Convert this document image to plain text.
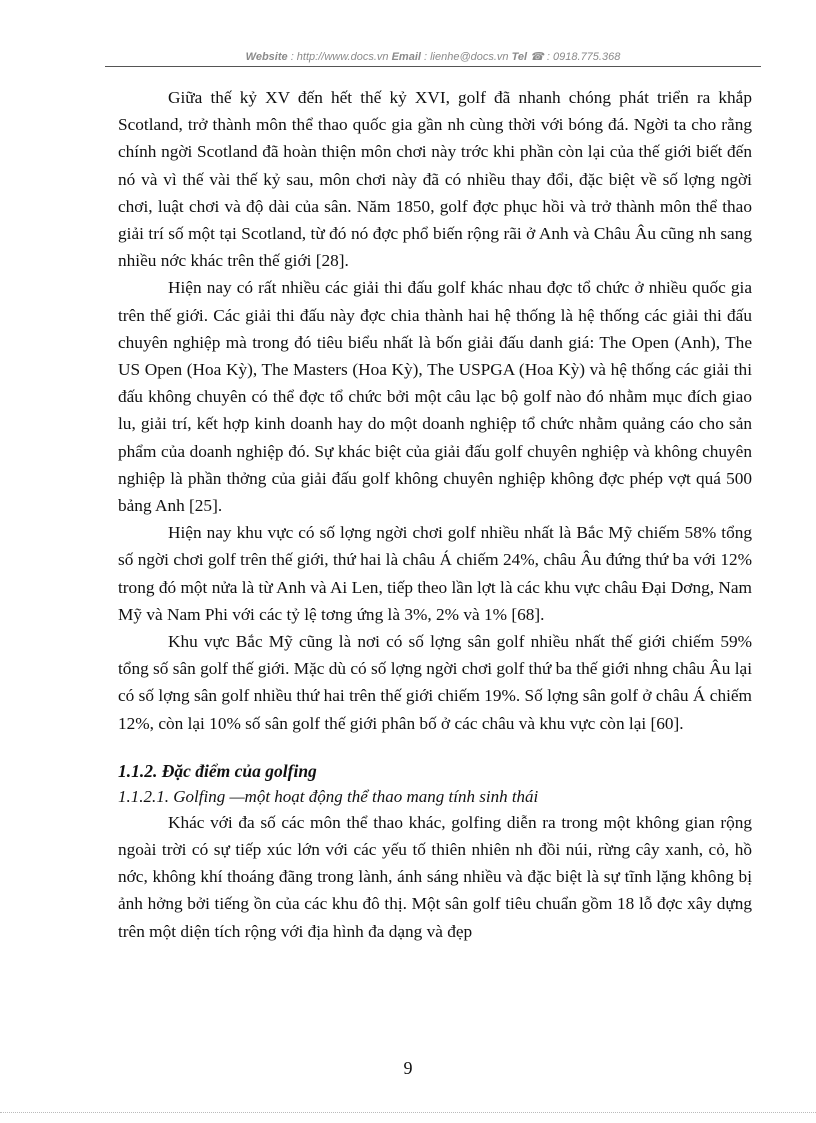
Website : http://www.docs.vn Email : lienhe@docs.vn Tel ☎ : 0918.775.368

Giữa thế kỷ XV đến hết thế kỷ XVI, golf đã nhanh chóng phát triển ra khắp Scotland, trở thành môn thể thao quốc gia gần nh cùng thời với bóng đá. Ngời ta cho rằng chính ngời Scotland đã hoàn thiện môn chơi này trớc khi phần còn lại của thế giới biết đến nó và vì thế vài thế kỷ sau, môn chơi này đã có nhiều thay đổi, đặc biệt về số lợng ngời chơi, luật chơi và độ dài của sân. Năm 1850, golf đợc phục hồi và trở thành môn thể thao giải trí số một tại Scotland, từ đó nó đợc phổ biến rộng rãi ở Anh và Châu Âu cũng nh sang nhiều nớc khác trên thế giới [28].

Hiện nay có rất nhiều các giải thi đấu golf khác nhau đợc tổ chức ở nhiều quốc gia trên thế giới. Các giải thi đấu này đợc chia thành hai hệ thống là hệ thống các giải thi đấu chuyên nghiệp mà trong đó tiêu biểu nhất là bốn giải đấu danh giá: The Open (Anh), The US Open (Hoa Kỳ), The Masters (Hoa Kỳ), The USPGA (Hoa Kỳ) và hệ thống các giải thi đấu không chuyên có thể đợc tổ chức bởi một câu lạc bộ golf nào đó nhằm mục đích giao lu, giải trí, kết hợp kinh doanh hay do một doanh nghiệp tổ chức nhằm quảng cáo cho sản phẩm của doanh nghiệp đó. Sự khác biệt của giải đấu golf chuyên nghiệp và không chuyên nghiệp là phần thởng của giải đấu golf không chuyên nghiệp không đợc phép vợt quá 500 bảng Anh [25].

Hiện nay khu vực có số lợng ngời chơi golf nhiều nhất là Bắc Mỹ chiếm 58% tổng số ngời chơi golf trên thế giới, thứ hai là châu Á chiếm 24%, châu Âu đứng thứ ba với 12% trong đó một nửa là từ Anh và Ai Len, tiếp theo lần lợt là các khu vực châu Đại Dơng, Nam Mỹ và Nam Phi với các tỷ lệ tơng ứng là 3%, 2% và 1% [68].

Khu vực Bắc Mỹ cũng là nơi có số lợng sân golf nhiều nhất thế giới chiếm 59% tổng số sân golf thế giới. Mặc dù có số lợng ngời chơi golf thứ ba thế giới nhng châu Âu lại có số lợng sân golf nhiều thứ hai trên thế giới chiếm 19%. Số lợng sân golf ở châu Á chiếm 12%, còn lại 10% số sân golf thế giới phân bố ở các châu và khu vực còn lại [60].

1.1.2. Đặc điểm của golfing
1.1.2.1. Golfing —một hoạt động thể thao mang tính sinh thái

Khác với đa số các môn thể thao khác, golfing diễn ra trong một không gian rộng ngoài trời có sự tiếp xúc lớn với các yếu tố thiên nhiên nh đồi núi, rừng cây xanh, cỏ, hồ nớc, không khí thoáng đãng trong lành, ánh sáng nhiều và đặc biệt là sự tĩnh lặng không bị ảnh hởng bởi tiếng ồn của các khu đô thị. Một sân golf tiêu chuẩn gồm 18 lỗ đợc xây dựng trên một diện tích rộng với địa hình đa dạng và đẹp

9
